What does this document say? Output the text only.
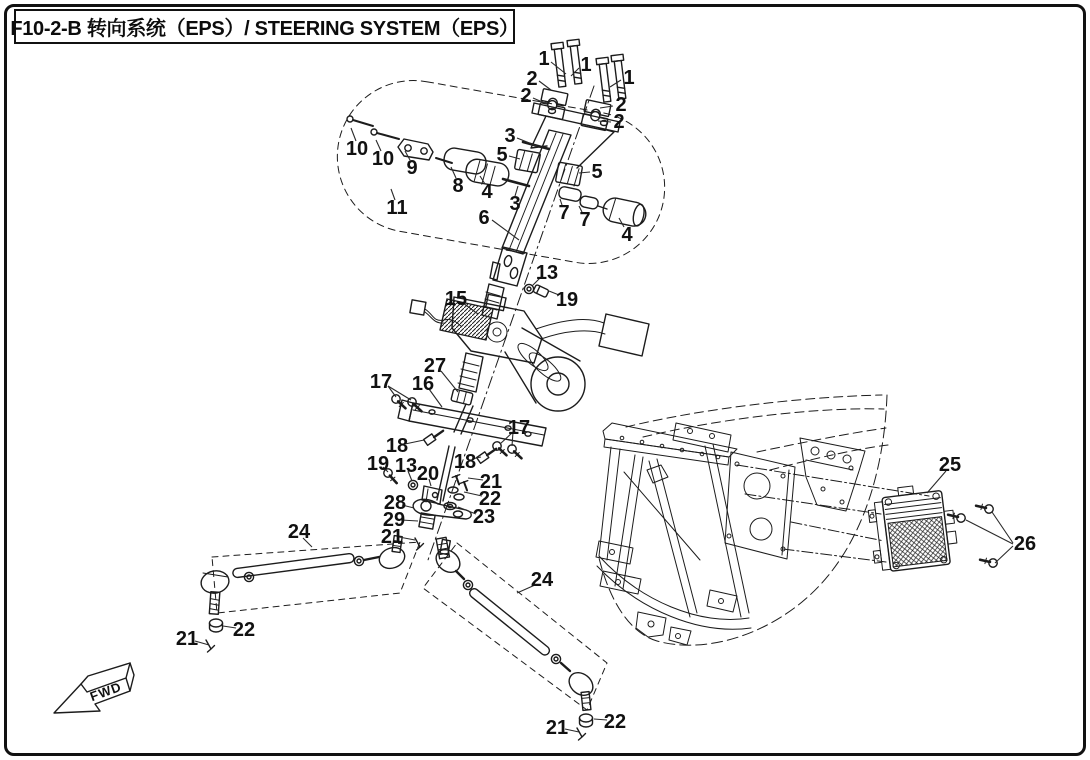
F10-2-B 转向系统（EPS）/ STEERING SYSTEM（EPS）
FWD
1 1
1
2
2	2
2
3
5
3
5
10 10 9
8 4
11	6	7 7
4
13
19
15
27
16
17
17
18
18
19 13 20 21
22
23
28
29
21
24
24
22
21
22
21
25
26
